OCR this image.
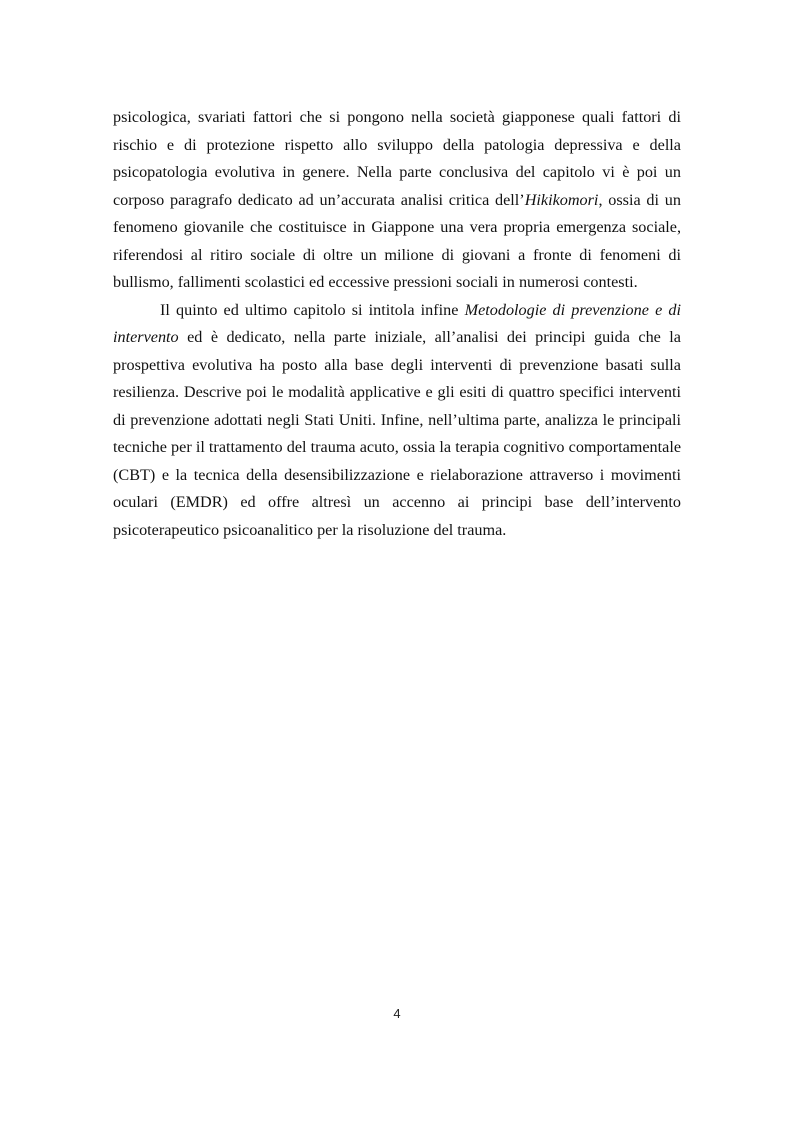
psicologica, svariati fattori che si pongono nella società giapponese quali fattori di rischio e di protezione rispetto allo sviluppo della patologia depressiva e della psicopatologia evolutiva in genere. Nella parte conclusiva del capitolo vi è poi un corposo paragrafo dedicato ad un’accurata analisi critica dell’Hikikomori, ossia di un fenomeno giovanile che costituisce in Giappone una vera propria emergenza sociale, riferendosi al ritiro sociale di oltre un milione di giovani a fronte di fenomeni di bullismo, fallimenti scolastici ed eccessive pressioni sociali in numerosi contesti.

Il quinto ed ultimo capitolo si intitola infine Metodologie di prevenzione e di intervento ed è dedicato, nella parte iniziale, all’analisi dei principi guida che la prospettiva evolutiva ha posto alla base degli interventi di prevenzione basati sulla resilienza. Descrive poi le modalità applicative e gli esiti di quattro specifici interventi di prevenzione adottati negli Stati Uniti. Infine, nell’ultima parte, analizza le principali tecniche per il trattamento del trauma acuto, ossia la terapia cognitivo comportamentale (CBT) e la tecnica della desensibilizzazione e rielaborazione attraverso i movimenti oculari (EMDR) ed offre altresì un accenno ai principi base dell’intervento psicoterapeutico psicoanalitico per la risoluzione del trauma.

4
